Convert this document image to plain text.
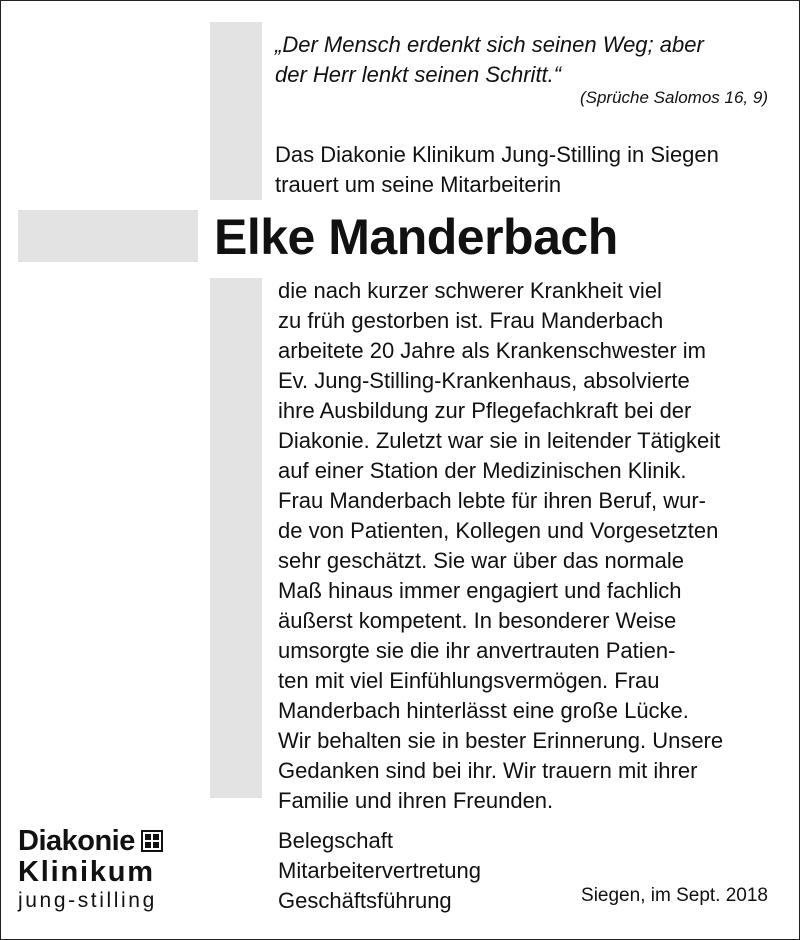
„Der Mensch erdenkt sich seinen Weg; aber
der Herr lenkt seinen Schritt.“
(Sprüche Salomos 16, 9)
Das Diakonie Klinikum Jung-Stilling in Siegen
trauert um seine Mitarbeiterin
Elke Manderbach

die nach kurzer schwerer Krankheit viel

zu früh gestorben ist. Frau Manderbach

arbeitete 20 Jahre als Krankenschwester im

Ev. Jung-Stilling-Krankenhaus, absolvierte

ihre Ausbildung zur Pflegefachkraft bei der

Diakonie. Zuletzt war sie in leitender Tätigkeit

auf einer Station der Medizinischen Klinik.

Frau Manderbach lebte für ihren Beruf, wur-

de von Patienten, Kollegen und Vorgesetzten

sehr geschätzt. Sie war über das normale

Maß hinaus immer engagiert und fachlich

äußerst kompetent. In besonderer Weise

umsorgte sie die ihr anvertrauten Patien-

ten mit viel Einfühlungsvermögen. Frau

Manderbach hinterlässt eine große Lücke.

Wir behalten sie in bester Erinnerung. Unsere

Gedanken sind bei ihr. Wir trauern mit ihrer

Familie und ihren Freunden.

Belegschaft
Mitarbeitervertretung
Geschäftsführung	Siegen, im Sept. 2018
Diakonie
Klinikum
jung-stilling
